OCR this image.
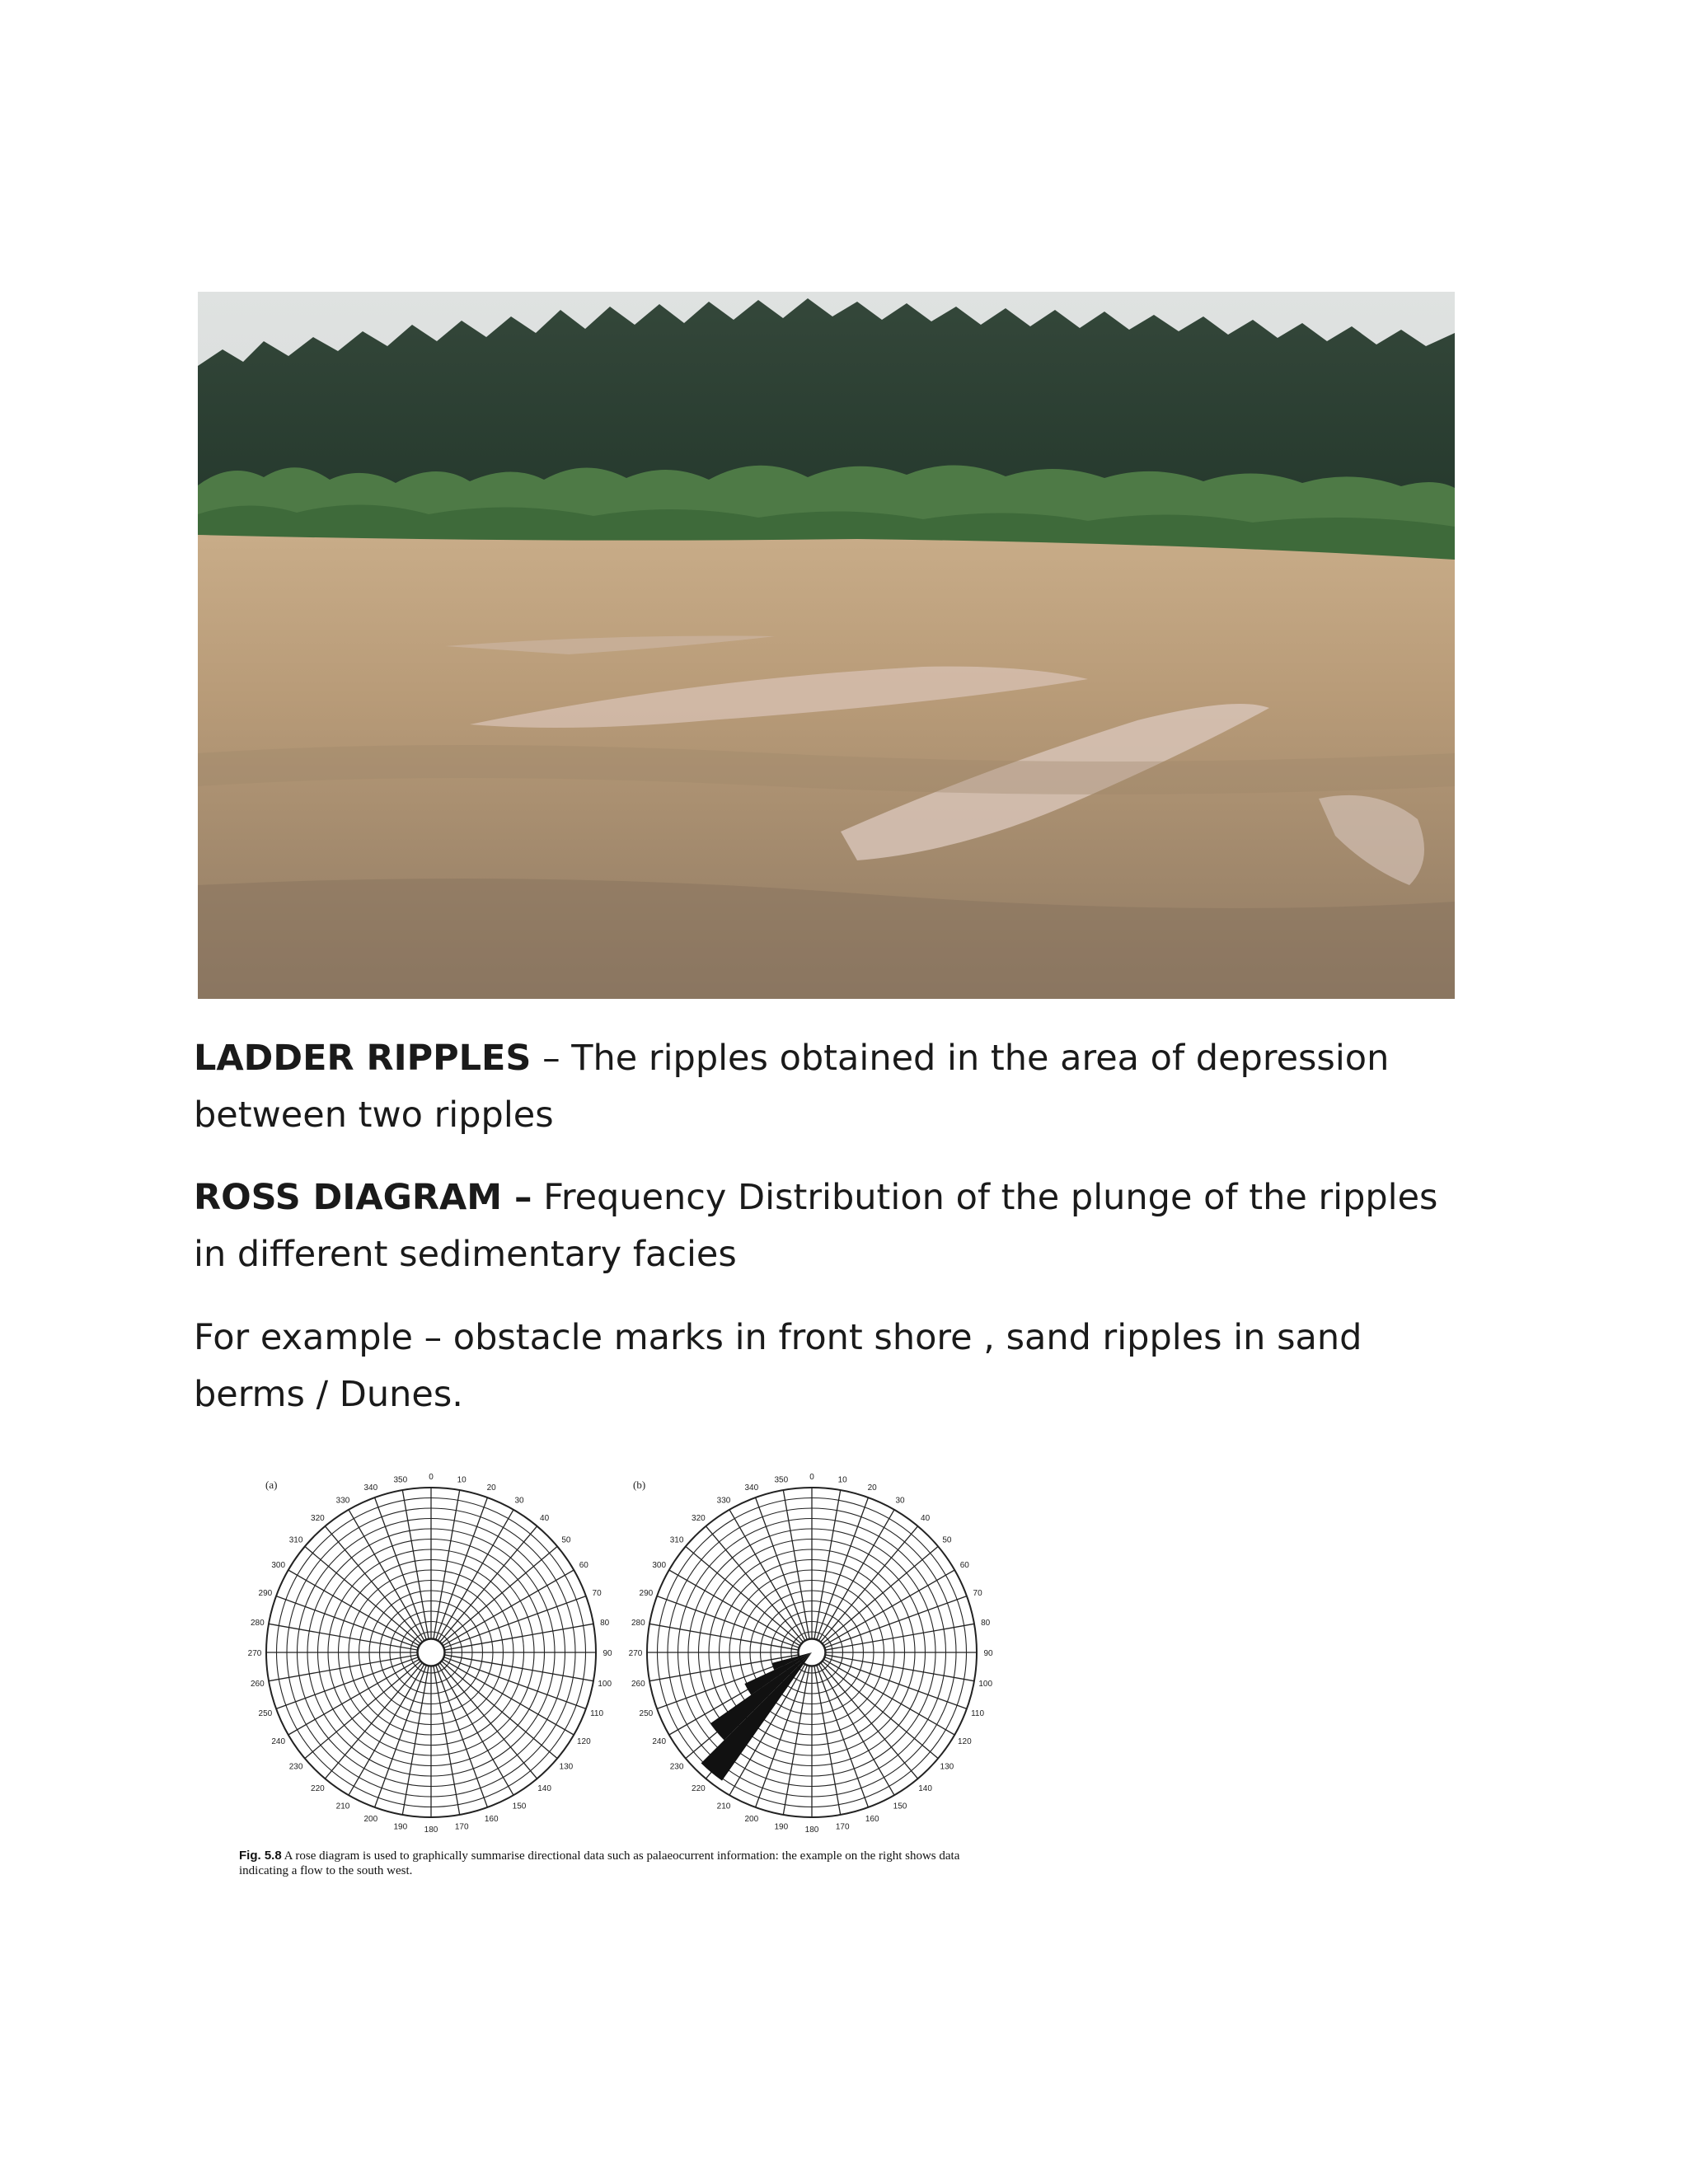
LADDER RIPPLES – The ripples obtained in the area of depression between two ripples
ROSS DIAGRAM – Frequency Distribution of the plunge of the ripples in different sedimentary facies
For example – obstacle marks in front shore , sand ripples in sand berms / Dunes.
(a)	(b)
0	10
20
30
40
50
60
70
80
90
100
110
120
130
140
150
160
170
180
190
200
210
220
230
240
250
260
270
280
290
300
310
320
330
340
350	0	10
20
30
40
50
60
70
80
90
100
110
120
130
140
150
160
170
180
190
200
210
220
230
240
250
260
270
280
290
300
310
320
330
340
350
Fig. 5.8 A rose diagram is used to graphically summarise directional data such as palaeocurrent information: the example on the right shows data indicating a flow to the south west.
